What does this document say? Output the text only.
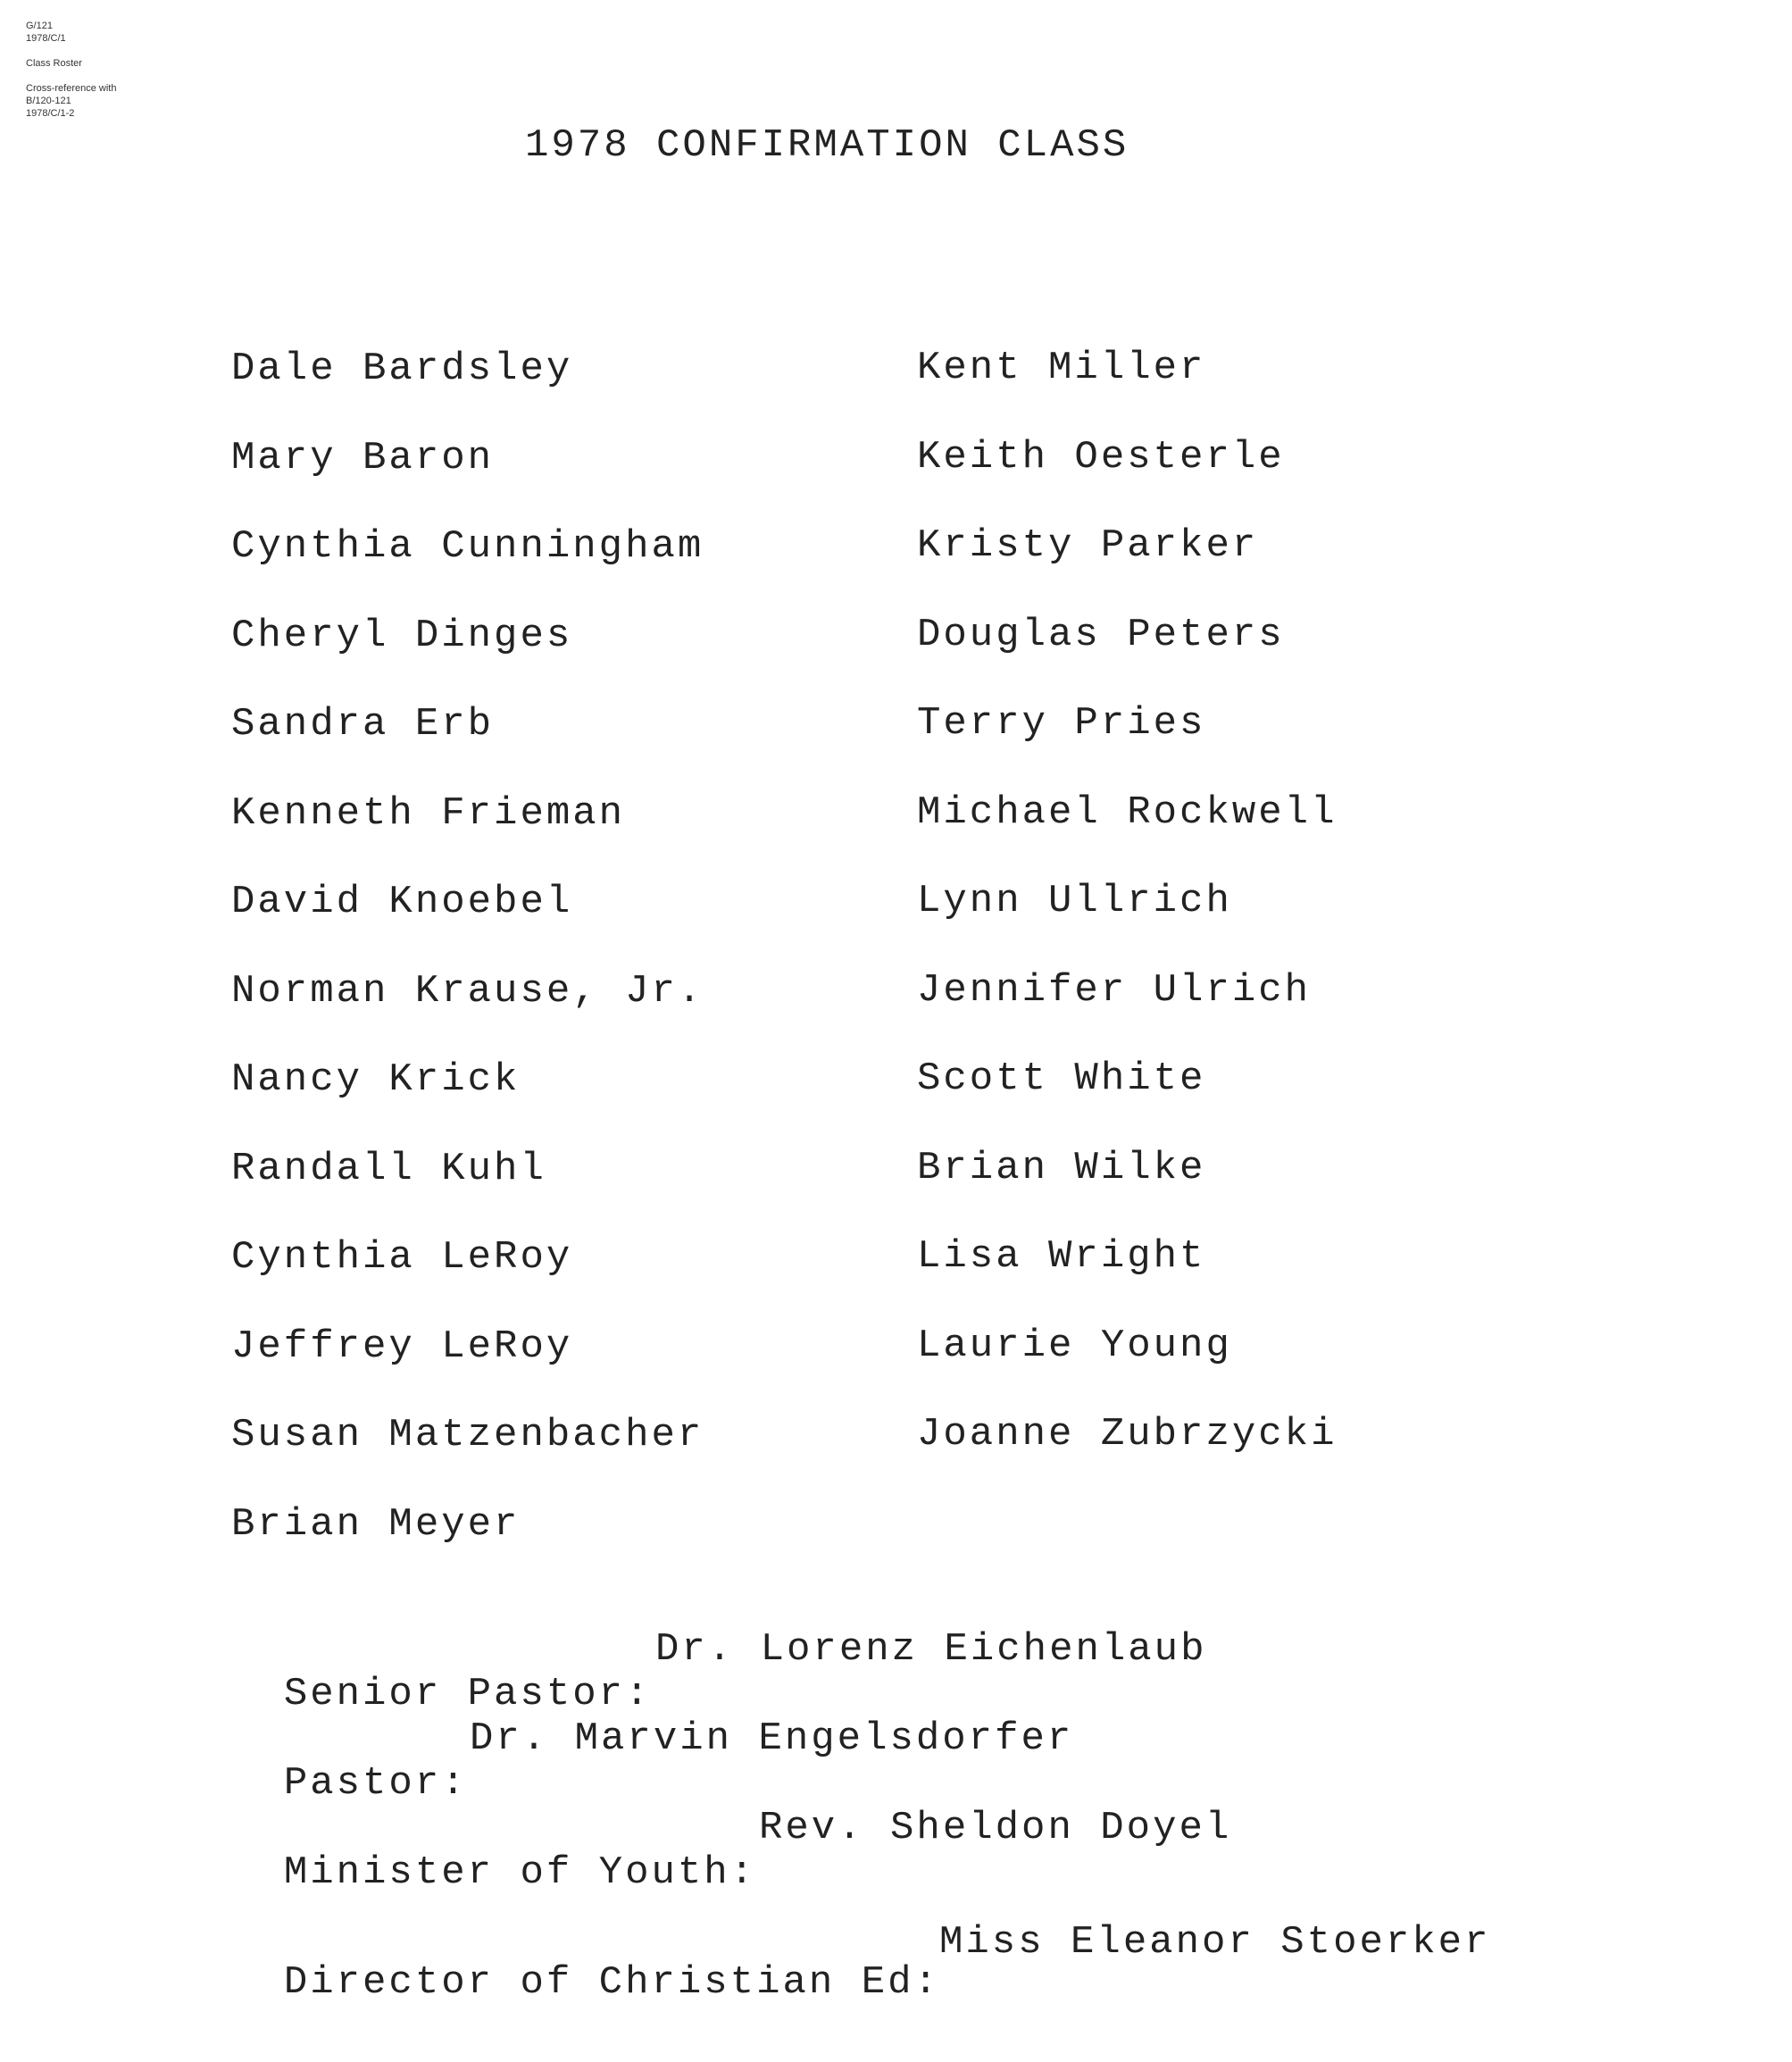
G/121
1978/C/1
Class Roster
Cross-reference with
B/120-121
1978/C/1-2
1978 CONFIRMATION CLASS
Dale Bardsley
Mary Baron
Cynthia Cunningham
Cheryl Dinges
Sandra Erb
Kenneth Frieman
David Knoebel
Norman Krause, Jr.
Nancy Krick
Randall Kuhl
Cynthia LeRoy
Jeffrey LeRoy
Susan Matzenbacher
Brian Meyer
Kent Miller
Keith Oesterle
Kristy Parker
Douglas Peters
Terry Pries
Michael Rockwell
Lynn Ullrich
Jennifer Ulrich
Scott White
Brian Wilke
Lisa Wright
Laurie Young
Joanne Zubrzycki

Senior Pastor:

Dr. Lorenz Eichenlaub

Pastor:

Dr. Marvin Engelsdorfer

Minister of Youth:

Rev. Sheldon Doyel

Director of Christian Ed:

Miss Eleanor Stoerker
